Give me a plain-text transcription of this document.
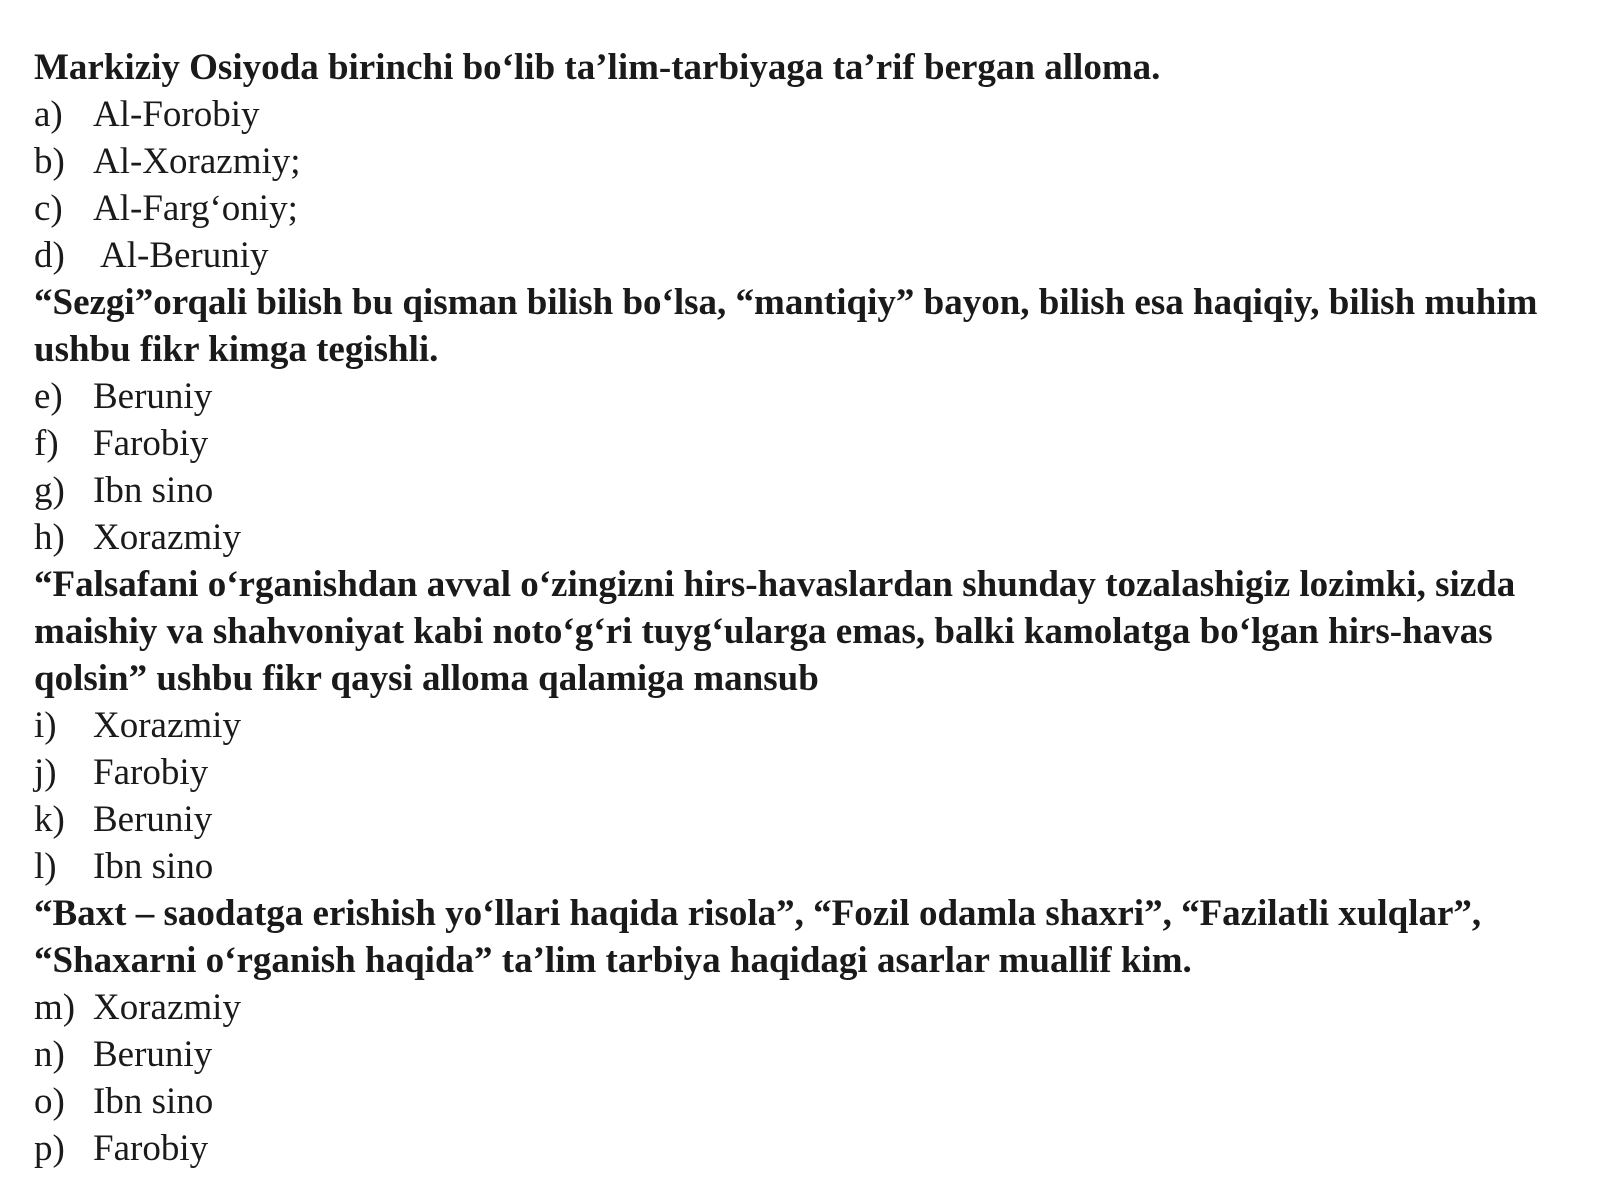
Markiziy Osiyoda birinchi bo‘lib ta’lim-tarbiyaga ta’rif bergan alloma.

a) Al-Forobiy
b) Al-Xorazmiy;
c) Al-Farg‘oniy;
d) Al-Beruniy

“Sezgi”orqali bilish bu qisman bilish bo‘lsa, “mantiqiy” bayon, bilish esa haqiqiy, bilish muhim ushbu fikr kimga tegishli.

e) Beruniy
f) Farobiy
g) Ibn sino
h) Xorazmiy

“Falsafani o‘rganishdan avval o‘zingizni hirs-havaslardan shunday tozalashigiz lozimki, sizda maishiy va shahvoniyat kabi noto‘g‘ri tuyg‘ularga emas, balki kamolatga bo‘lgan hirs-havas qolsin” ushbu fikr qaysi alloma qalamiga mansub

i) Xorazmiy
j) Farobiy
k) Beruniy
l) Ibn sino

“Baxt – saodatga erishish yo‘llari haqida risola”, “Fozil odamla shaxri”, “Fazilatli xulqlar”, “Shaxarni o‘rganish haqida” ta’lim tarbiya haqidagi asarlar muallif kim.

m) Xorazmiy
n) Beruniy
o) Ibn sino
p) Farobiy
